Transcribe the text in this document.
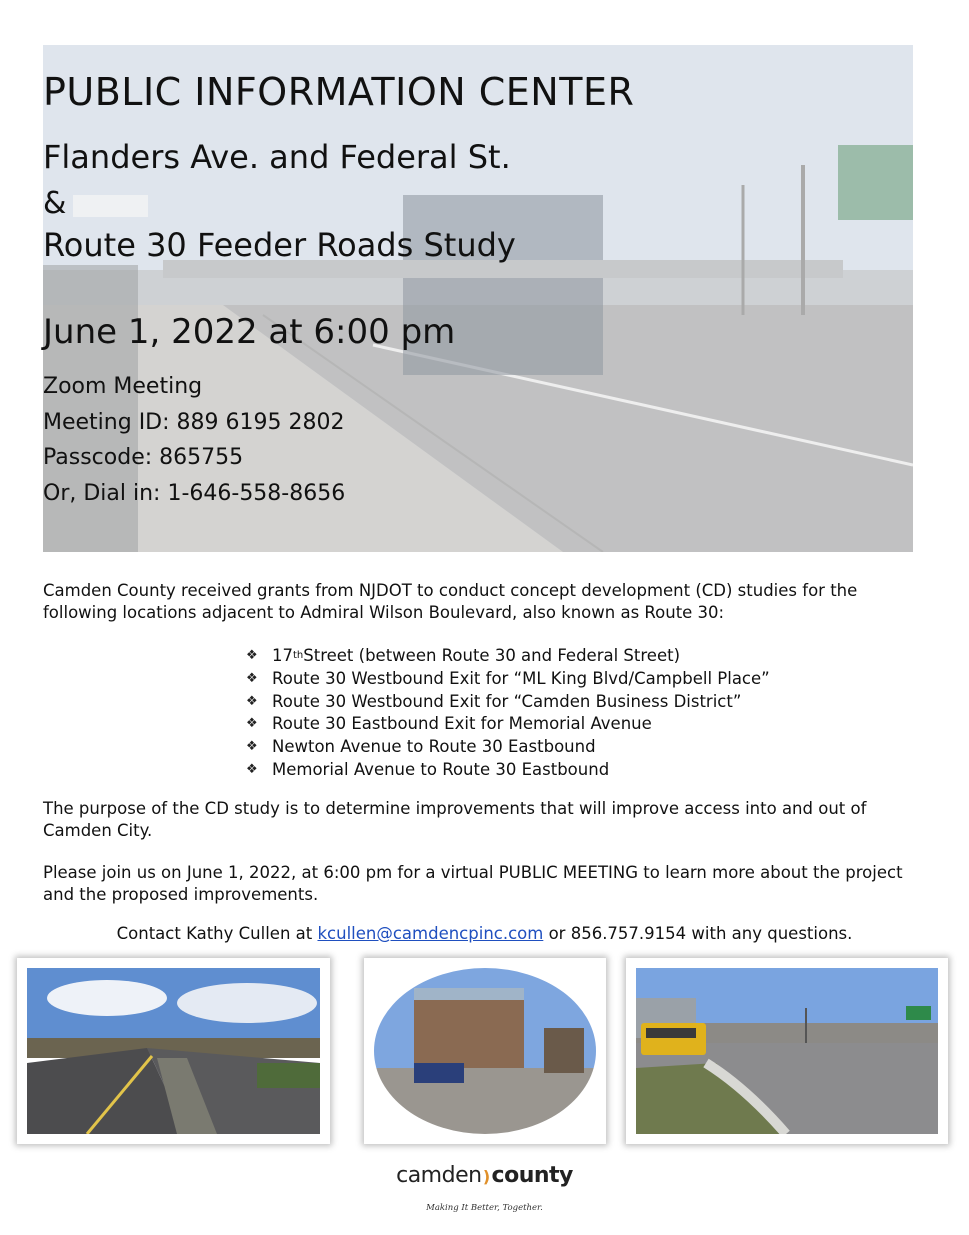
PUBLIC INFORMATION CENTER
Flanders Ave. and Federal St.
&
Route 30 Feeder Roads Study
June 1, 2022 at 6:00 pm
Zoom Meeting
Meeting ID: 889 6195 2802
Passcode: 865755
Or, Dial in: 1-646-558-8656
Camden County received grants from NJDOT to conduct concept development (CD) studies for the following locations adjacent to Admiral Wilson Boulevard, also known as Route 30:
❖ 17 th Street (between Route 30 and Federal Street)
❖ Route 30 Westbound Exit for “ML King Blvd/Campbell Place”
❖ Route 30 Westbound Exit for “Camden Business District”
❖ Route 30 Eastbound Exit for Memorial Avenue
❖ Newton Avenue to Route 30 Eastbound
❖ Memorial Avenue to Route 30 Eastbound
The purpose of the CD study is to determine improvements that will improve access into and out of Camden City.
Please join us on June 1, 2022, at 6:00 pm for a virtual PUBLIC MEETING to learn more about the project and the proposed improvements.
Contact Kathy Cullen at kcullen@camdencpinc.com or 856.757.9154 with any questions.
camden)county
Making It Better, Together.
